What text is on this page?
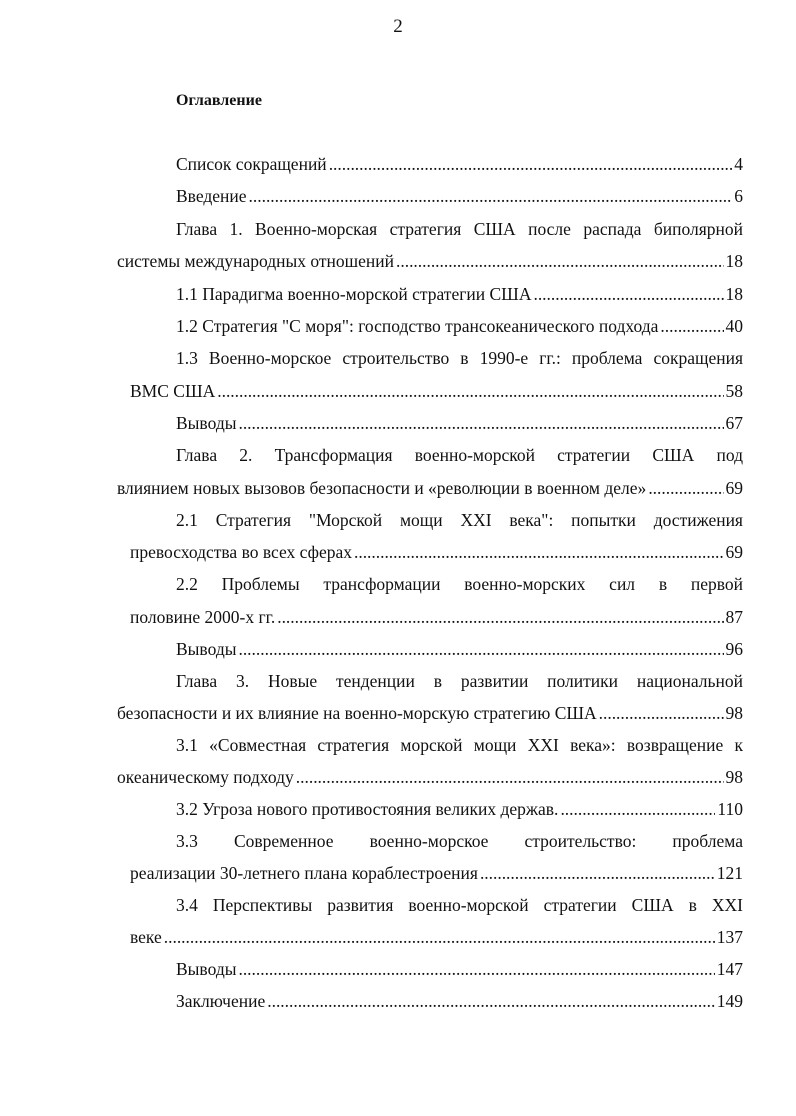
2
Оглавление
Список сокращений . . .	4
Введение . . .	6
Глава 1. Военно-морская стратегия США после распада биполярной
системы международных отношений . . .	18
1.1 Парадигма военно-морской стратегии США . . .	18
1.2 Стратегия "С моря": господство трансокеанического подхода . . .	40
1.3 Военно-морское строительство в 1990-е гг.: проблема сокращения
ВМС США . . .	58
Выводы . . .	67
Глава 2. Трансформация военно-морской стратегии США под
влиянием новых вызовов безопасности и «революции в военном деле» . . .	69
2.1 Стратегия "Морской мощи XXI века": попытки достижения
превосходства во всех сферах . . .	69
2.2 Проблемы трансформации военно-морских сил в первой
половине 2000-х гг. . . .	87
Выводы . . .	96
Глава 3. Новые тенденции в развитии политики национальной
безопасности и их влияние на военно-морскую стратегию США . . .	98
3.1 «Совместная стратегия морской мощи XXI века»: возвращение к
океаническому подходу . . .	98
3.2 Угроза нового противостояния великих держав. . . .	110
3.3 Современное военно-морское строительство: проблема
реализации 30-летнего плана кораблестроения . . .	121
3.4 Перспективы развития военно-морской стратегии США в XXI
веке . . .	137
Выводы . . .	147
Заключение . . .	149
